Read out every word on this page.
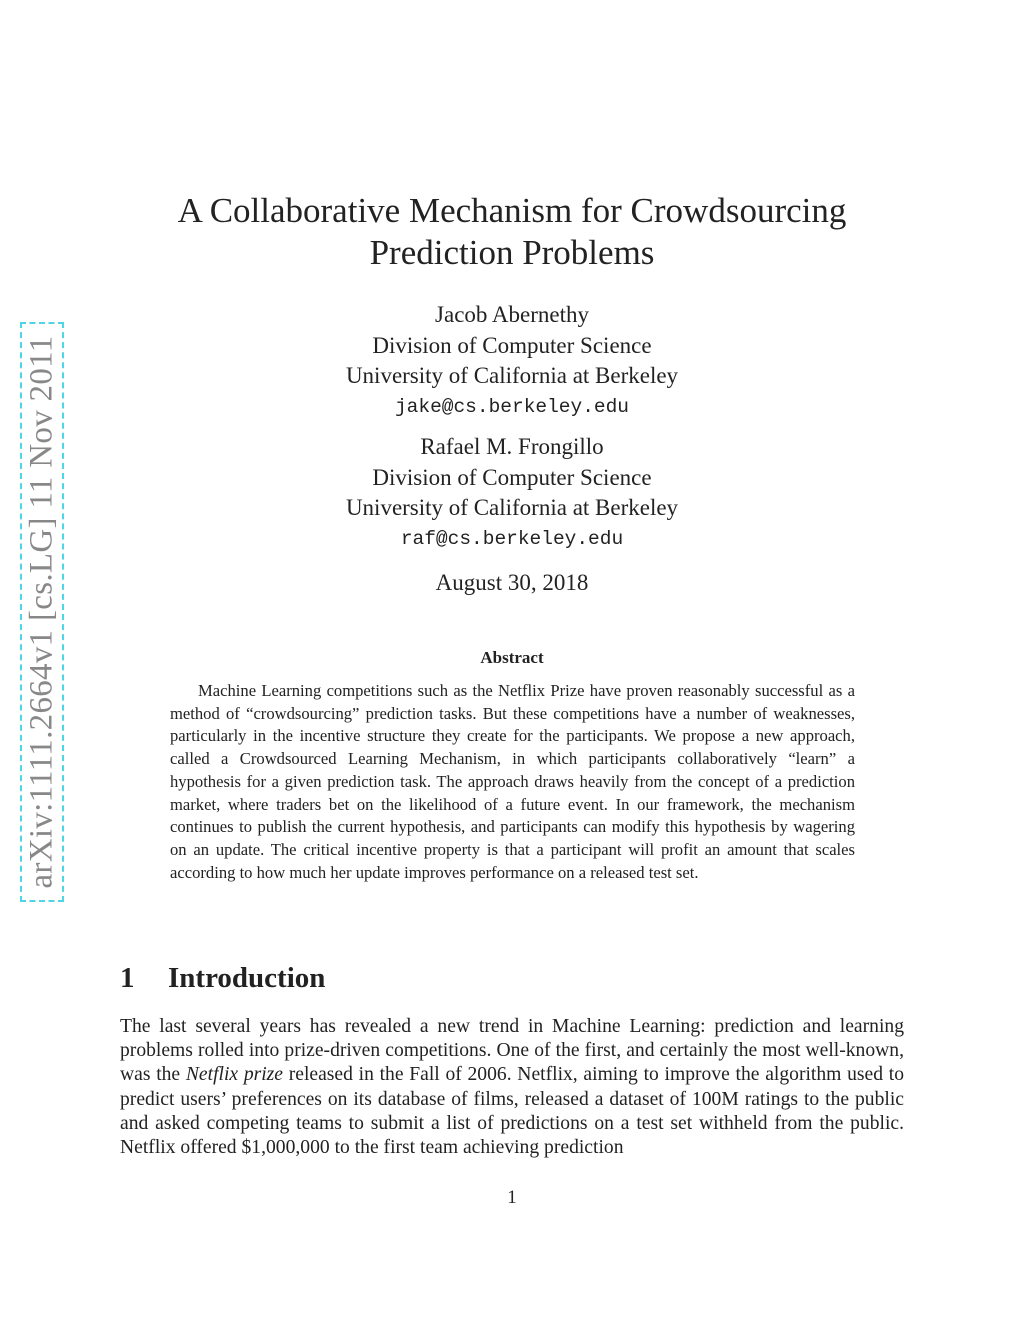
arXiv:1111.2664v1 [cs.LG] 11 Nov 2011
A Collaborative Mechanism for Crowdsourcing
Prediction Problems
Jacob Abernethy
Division of Computer Science
University of California at Berkeley
jake@cs.berkeley.edu
Rafael M. Frongillo
Division of Computer Science
University of California at Berkeley
raf@cs.berkeley.edu
August 30, 2018
Abstract

Machine Learning competitions such as the Netflix Prize have proven reasonably successful as a method of “crowdsourcing” prediction tasks. But these competitions have a number of weaknesses, particularly in the incentive structure they create for the participants. We propose a new approach, called a Crowdsourced Learning Mechanism, in which participants collaboratively “learn” a hypothesis for a given prediction task. The approach draws heavily from the concept of a prediction market, where traders bet on the likelihood of a future event. In our framework, the mechanism continues to publish the current hypothesis, and participants can modify this hypothesis by wagering on an update. The critical incentive property is that a participant will profit an amount that scales according to how much her update improves performance on a released test set.

1 Introduction

The last several years has revealed a new trend in Machine Learning: prediction and learning problems rolled into prize-driven competitions. One of the first, and certainly the most well-known, was the Netflix prize released in the Fall of 2006. Netflix, aiming to improve the algorithm used to predict users’ preferences on its database of films, released a dataset of 100M ratings to the public and asked competing teams to submit a list of predictions on a test set withheld from the public. Netflix offered $1,000,000 to the first team achieving prediction

1
